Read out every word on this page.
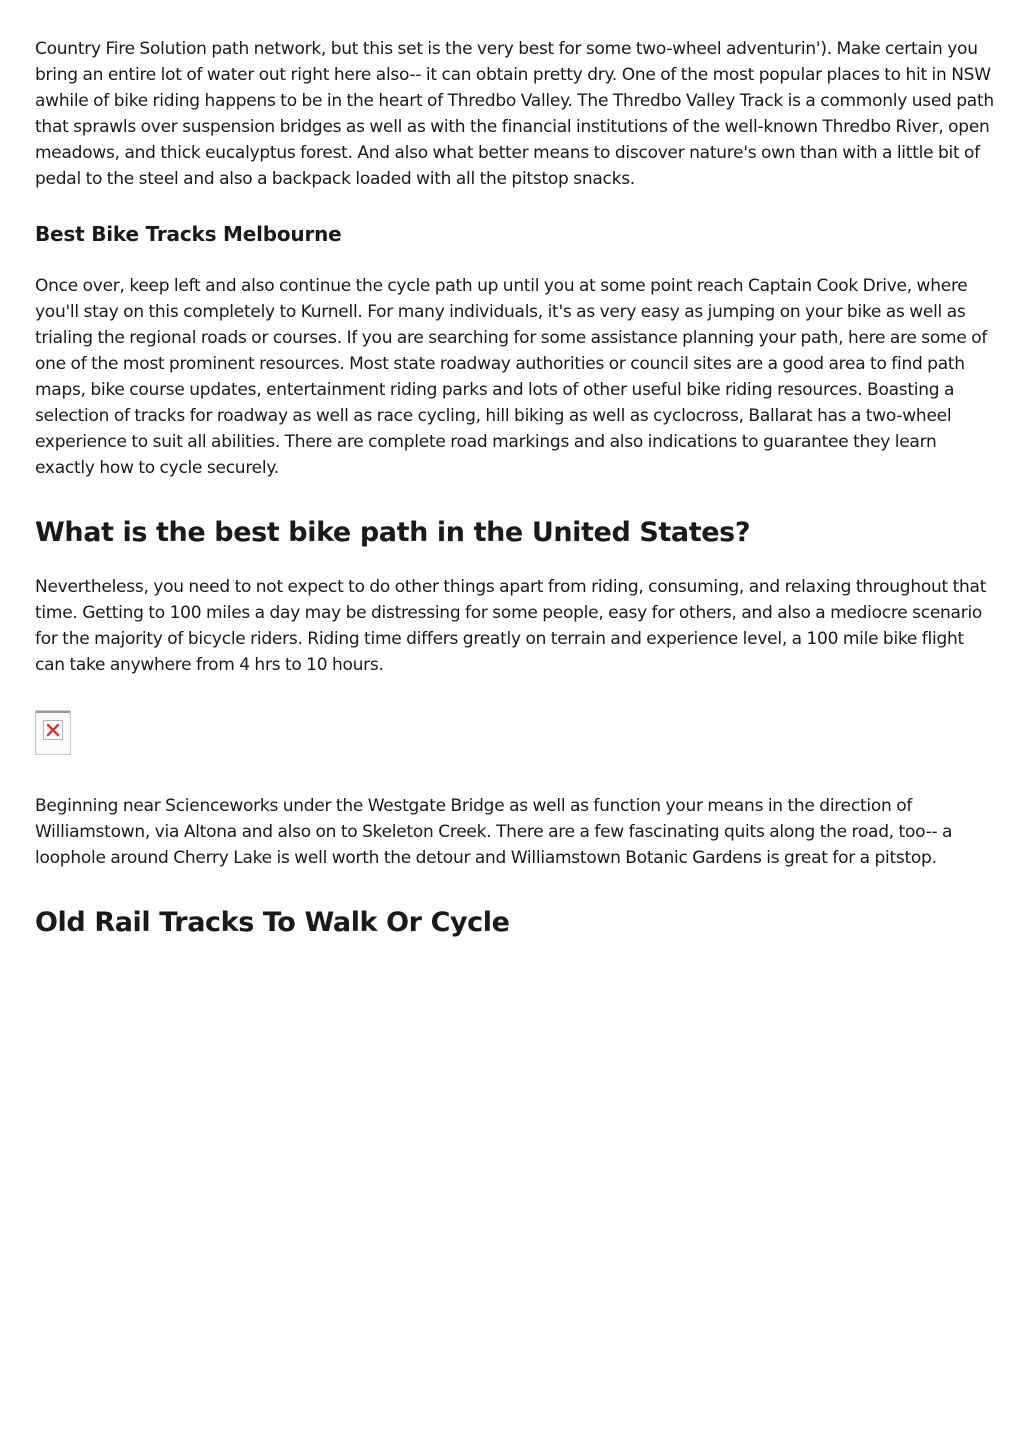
Country Fire Solution path network, but this set is the very best for some two-wheel adventurin'). Make certain you bring an entire lot of water out right here also-- it can obtain pretty dry. One of the most popular places to hit in NSW awhile of bike riding happens to be in the heart of Thredbo Valley. The Thredbo Valley Track is a commonly used path that sprawls over suspension bridges as well as with the financial institutions of the well-known Thredbo River, open meadows, and thick eucalyptus forest. And also what better means to discover nature's own than with a little bit of pedal to the steel and also a backpack loaded with all the pitstop snacks.

Best Bike Tracks Melbourne

Once over, keep left and also continue the cycle path up until you at some point reach Captain Cook Drive, where you'll stay on this completely to Kurnell. For many individuals, it's as very easy as jumping on your bike as well as trialing the regional roads or courses. If you are searching for some assistance planning your path, here are some of one of the most prominent resources. Most state roadway authorities or council sites are a good area to find path maps, bike course updates, entertainment riding parks and lots of other useful bike riding resources. Boasting a selection of tracks for roadway as well as race cycling, hill biking as well as cyclocross, Ballarat has a two-wheel experience to suit all abilities. There are complete road markings and also indications to guarantee they learn exactly how to cycle securely.

What is the best bike path in the United States?

Nevertheless, you need to not expect to do other things apart from riding, consuming, and relaxing throughout that time. Getting to 100 miles a day may be distressing for some people, easy for others, and also a mediocre scenario for the majority of bicycle riders. Riding time differs greatly on terrain and experience level, a 100 mile bike flight can take anywhere from 4 hrs to 10 hours.

Beginning near Scienceworks under the Westgate Bridge as well as function your means in the direction of Williamstown, via Altona and also on to Skeleton Creek. There are a few fascinating quits along the road, too-- a loophole around Cherry Lake is well worth the detour and Williamstown Botanic Gardens is great for a pitstop.

Old Rail Tracks To Walk Or Cycle
